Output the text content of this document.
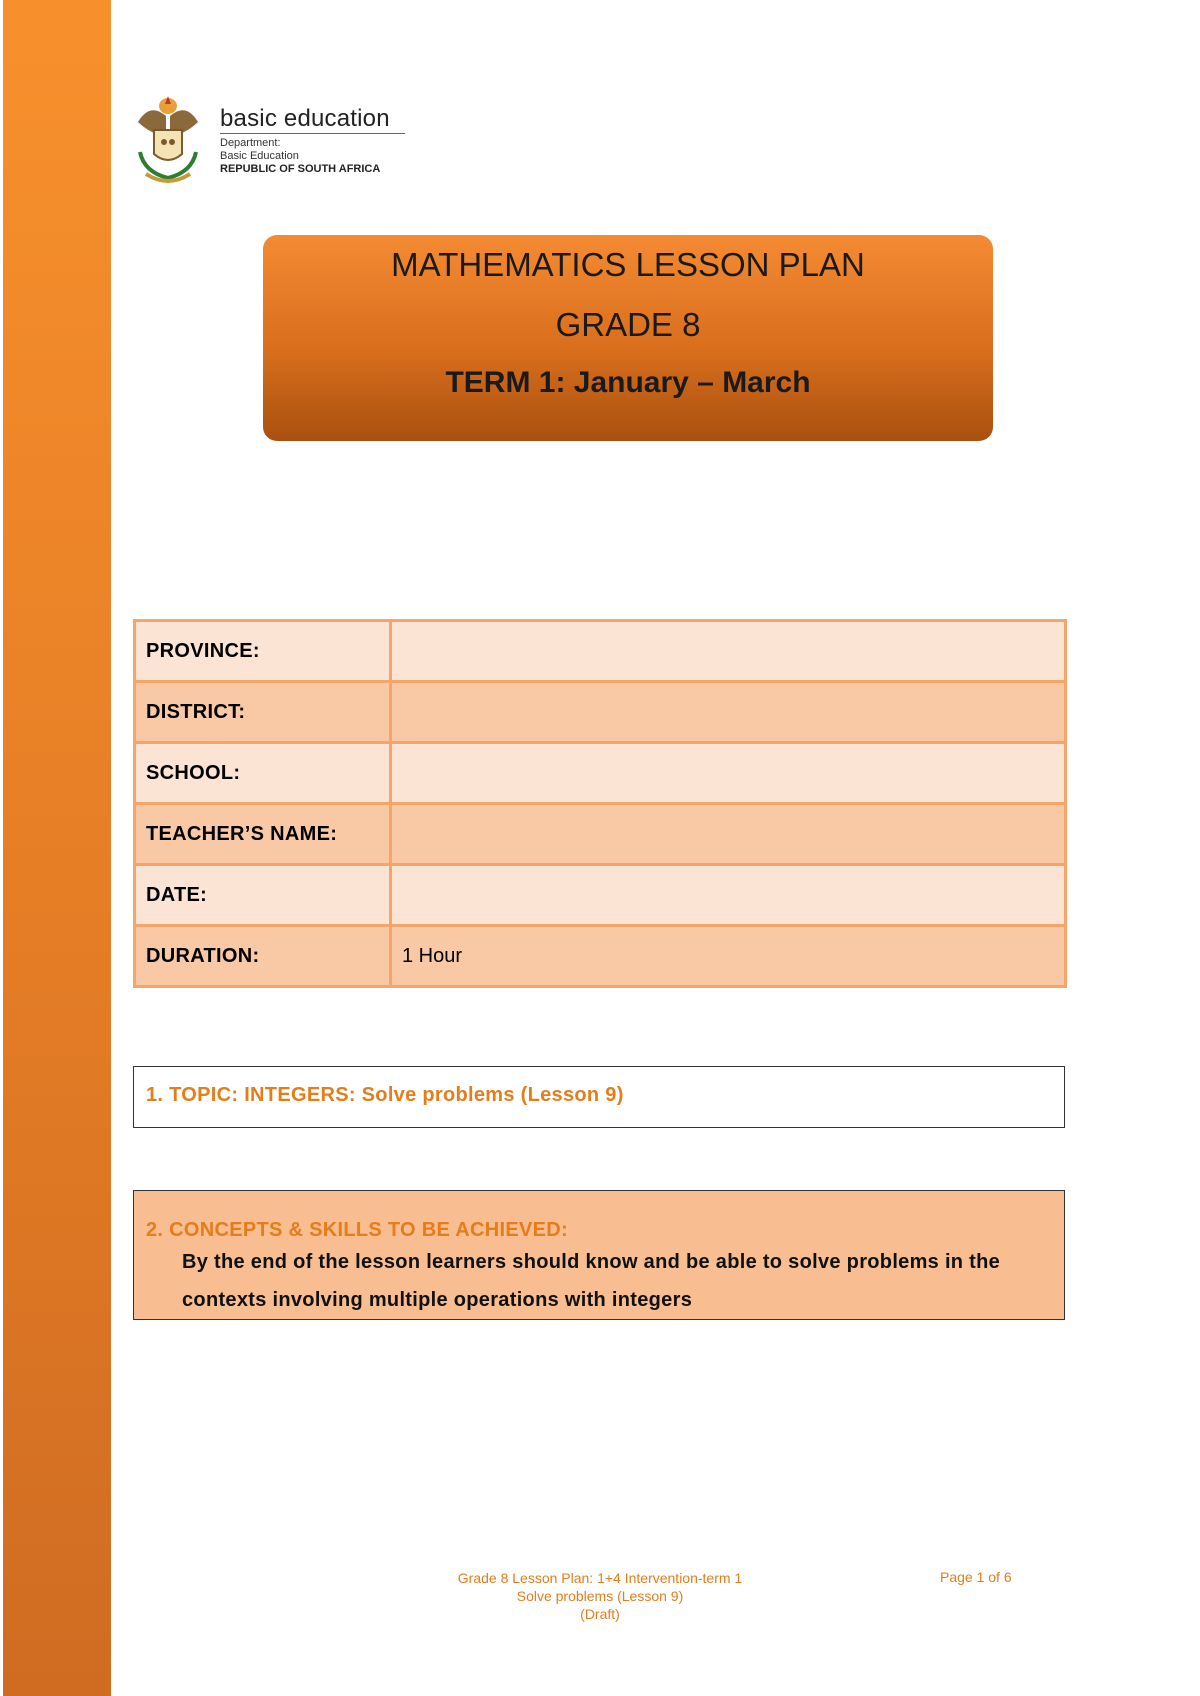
basic education
Department:
Basic Education
REPUBLIC OF SOUTH AFRICA
MATHEMATICS LESSON PLAN
GRADE 8
TERM 1: January – March
PROVINCE:	
DISTRICT:	
SCHOOL:	
TEACHER’S NAME:	
DATE:	
DURATION:	1 Hour
1. TOPIC: INTEGERS: Solve problems (Lesson 9)
2. CONCEPTS & SKILLS TO BE ACHIEVED:
By the end of the lesson learners should know and be able to solve problems in the contexts involving multiple operations with integers
Grade 8 Lesson Plan: 1+4 Intervention-term 1
Solve problems (Lesson 9)
(Draft)
Page 1 of 6
